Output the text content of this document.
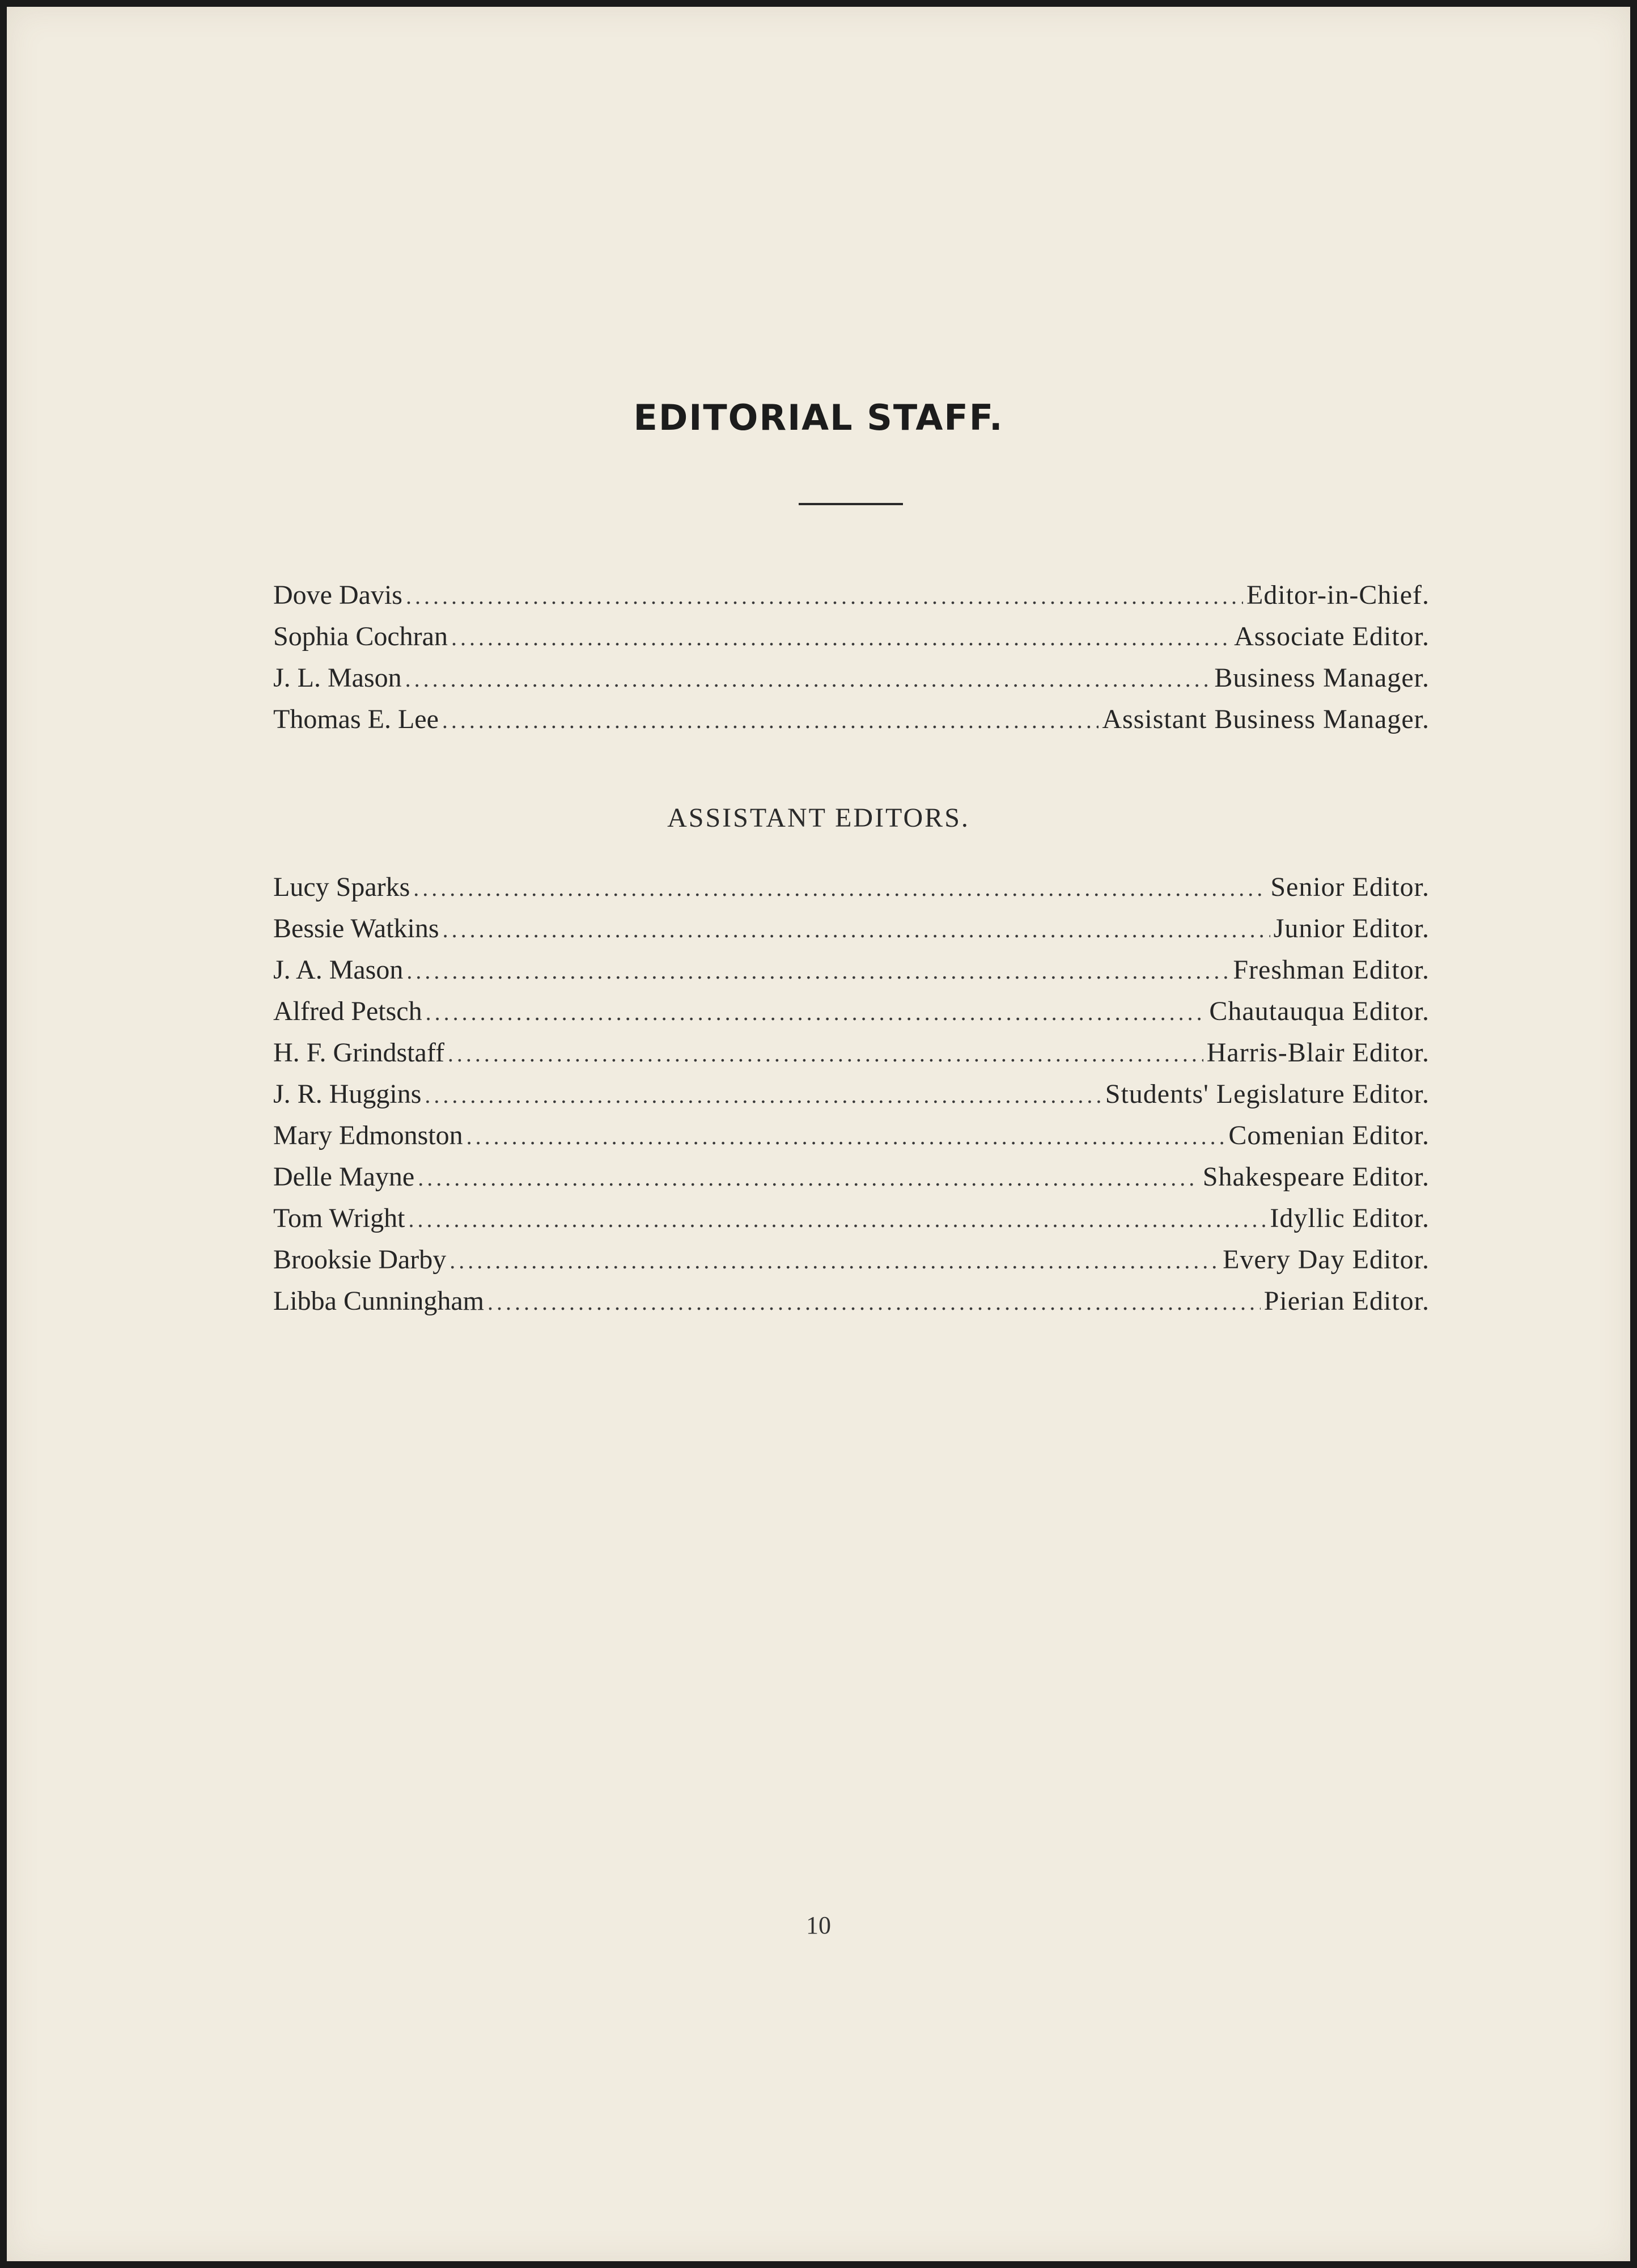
EDITORIAL STAFF.
Dove Davis . . .	Editor-in-Chief.
Sophia Cochran . . .	Associate Editor.
J. L. Mason . . .	Business Manager.
Thomas E. Lee . . .	Assistant Business Manager.
ASSISTANT EDITORS.
Lucy Sparks . . .	Senior Editor.
Bessie Watkins . . .	Junior Editor.
J. A. Mason . . .	Freshman Editor.
Alfred Petsch . . .	Chautauqua Editor.
H. F. Grindstaff . . .	Harris-Blair Editor.
J. R. Huggins . . .	Students' Legislature Editor.
Mary Edmonston . . .	Comenian Editor.
Delle Mayne . . .	Shakespeare Editor.
Tom Wright . . .	Idyllic Editor.
Brooksie Darby . . .	Every Day Editor.
Libba Cunningham . . .	Pierian Editor.
10
